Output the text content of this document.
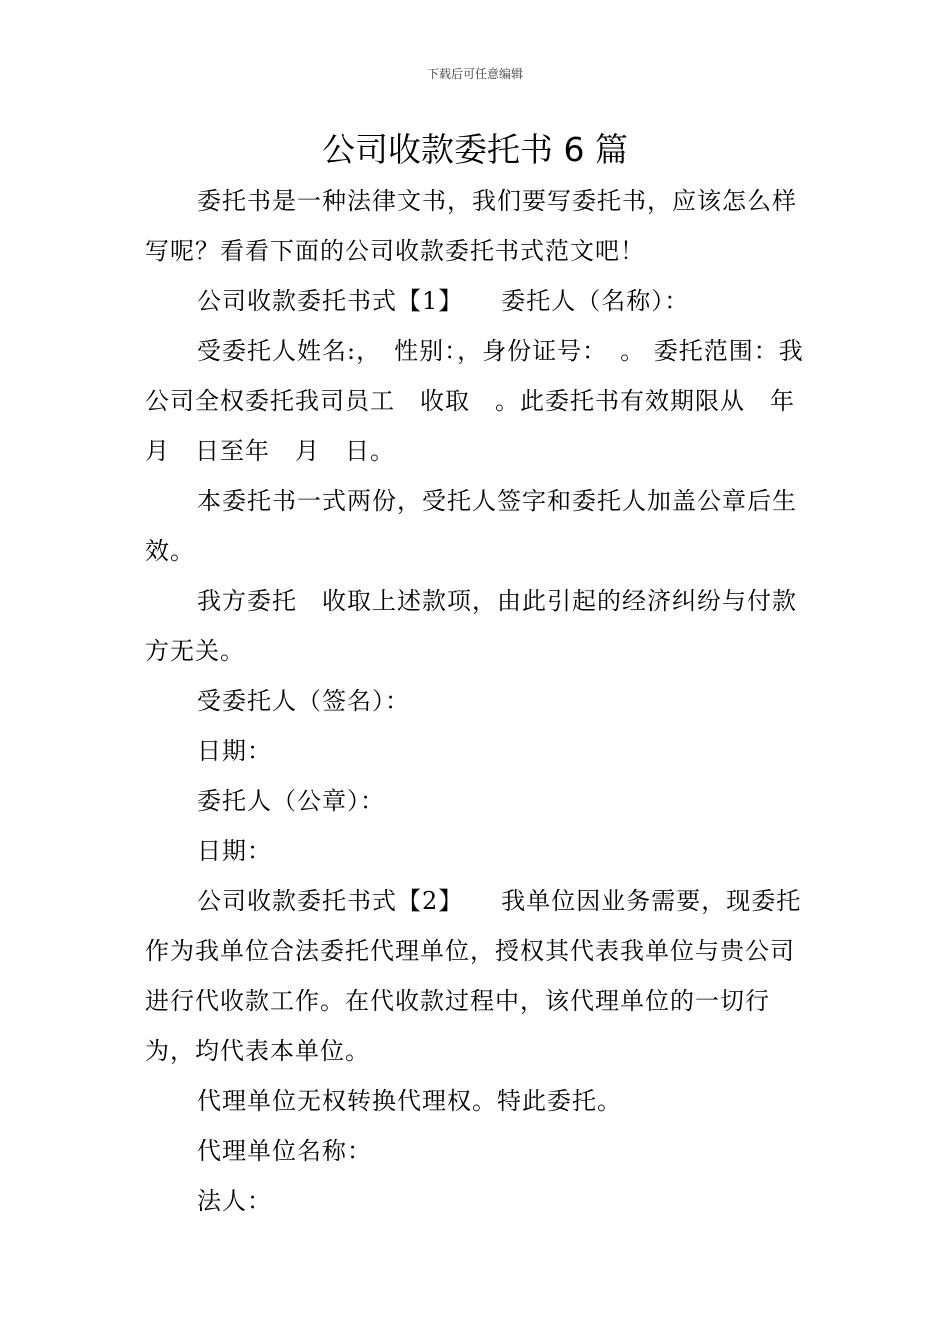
下载后可任意编辑
公司收款委托书 6 篇

委托书是一种法律文书，我们要写委托书，应该怎么样写呢？看看下面的公司收款委托书式范文吧！

公司收款委托书式【1】　　委托人（名称）：

受委托人姓名:，　性别：，身份证号：　。 委托范围：我公司全权委托我司员工　收取　。此委托书有效期限从　年月　日至年　月　日。

本委托书一式两份，受托人签字和委托人加盖公章后生效。

我方委托　收取上述款项，由此引起的经济纠纷与付款方无关。

受委托人（签名）：

日期：

委托人（公章）：

日期：

公司收款委托书式【2】　　我单位因业务需要，现委托作为我单位合法委托代理单位，授权其代表我单位与贵公司进行代收款工作。在代收款过程中，该代理单位的一切行为，均代表本单位。

代理单位无权转换代理权。特此委托。

代理单位名称：

法人：
